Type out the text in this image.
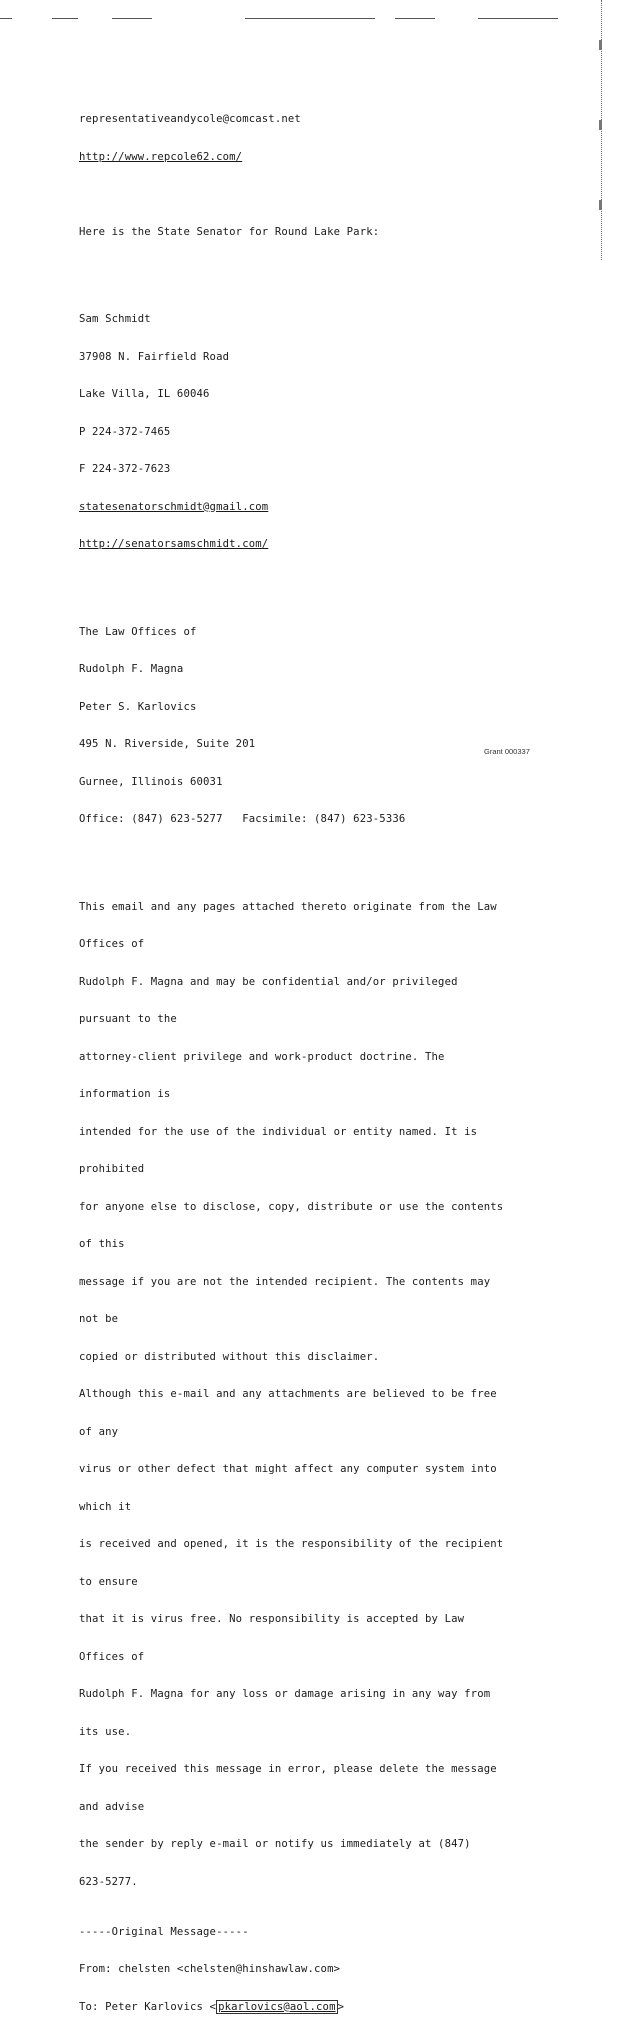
representativeandycole@comcast.net

http://www.repcole62.com/

Here is the State Senator for Round Lake Park:

Sam Schmidt

37908 N. Fairfield Road

Lake Villa, IL 60046

P 224-372-7465

F 224-372-7623

statesenatorschmidt@gmail.com

http://senatorsamschmidt.com/

The Law Offices of

Rudolph F. Magna

Peter S. Karlovics

495 N. Riverside, Suite 201

Gurnee, Illinois 60031

Office: (847) 623-5277   Facsimile: (847) 623-5336

This email and any pages attached thereto originate from the Law

Offices of

Rudolph F. Magna and may be confidential and/or privileged

pursuant to the

attorney-client privilege and work-product doctrine. The

information is

intended for the use of the individual or entity named. It is

prohibited

for anyone else to disclose, copy, distribute or use the contents

of this

message if you are not the intended recipient. The contents may

not be

copied or distributed without this disclaimer.

Although this e-mail and any attachments are believed to be free

of any

virus or other defect that might affect any computer system into

which it

is received and opened, it is the responsibility of the recipient

to ensure

that it is virus free. No responsibility is accepted by Law

Offices of

Rudolph F. Magna for any loss or damage arising in any way from

its use.

If you received this message in error, please delete the message

and advise

the sender by reply e-mail or notify us immediately at (847)

623-5277.

-----Original Message-----

From: chelsten <chelsten@hinshawlaw.com>

To: Peter Karlovics < pkarlovics@aol.com >

Grant 000337
